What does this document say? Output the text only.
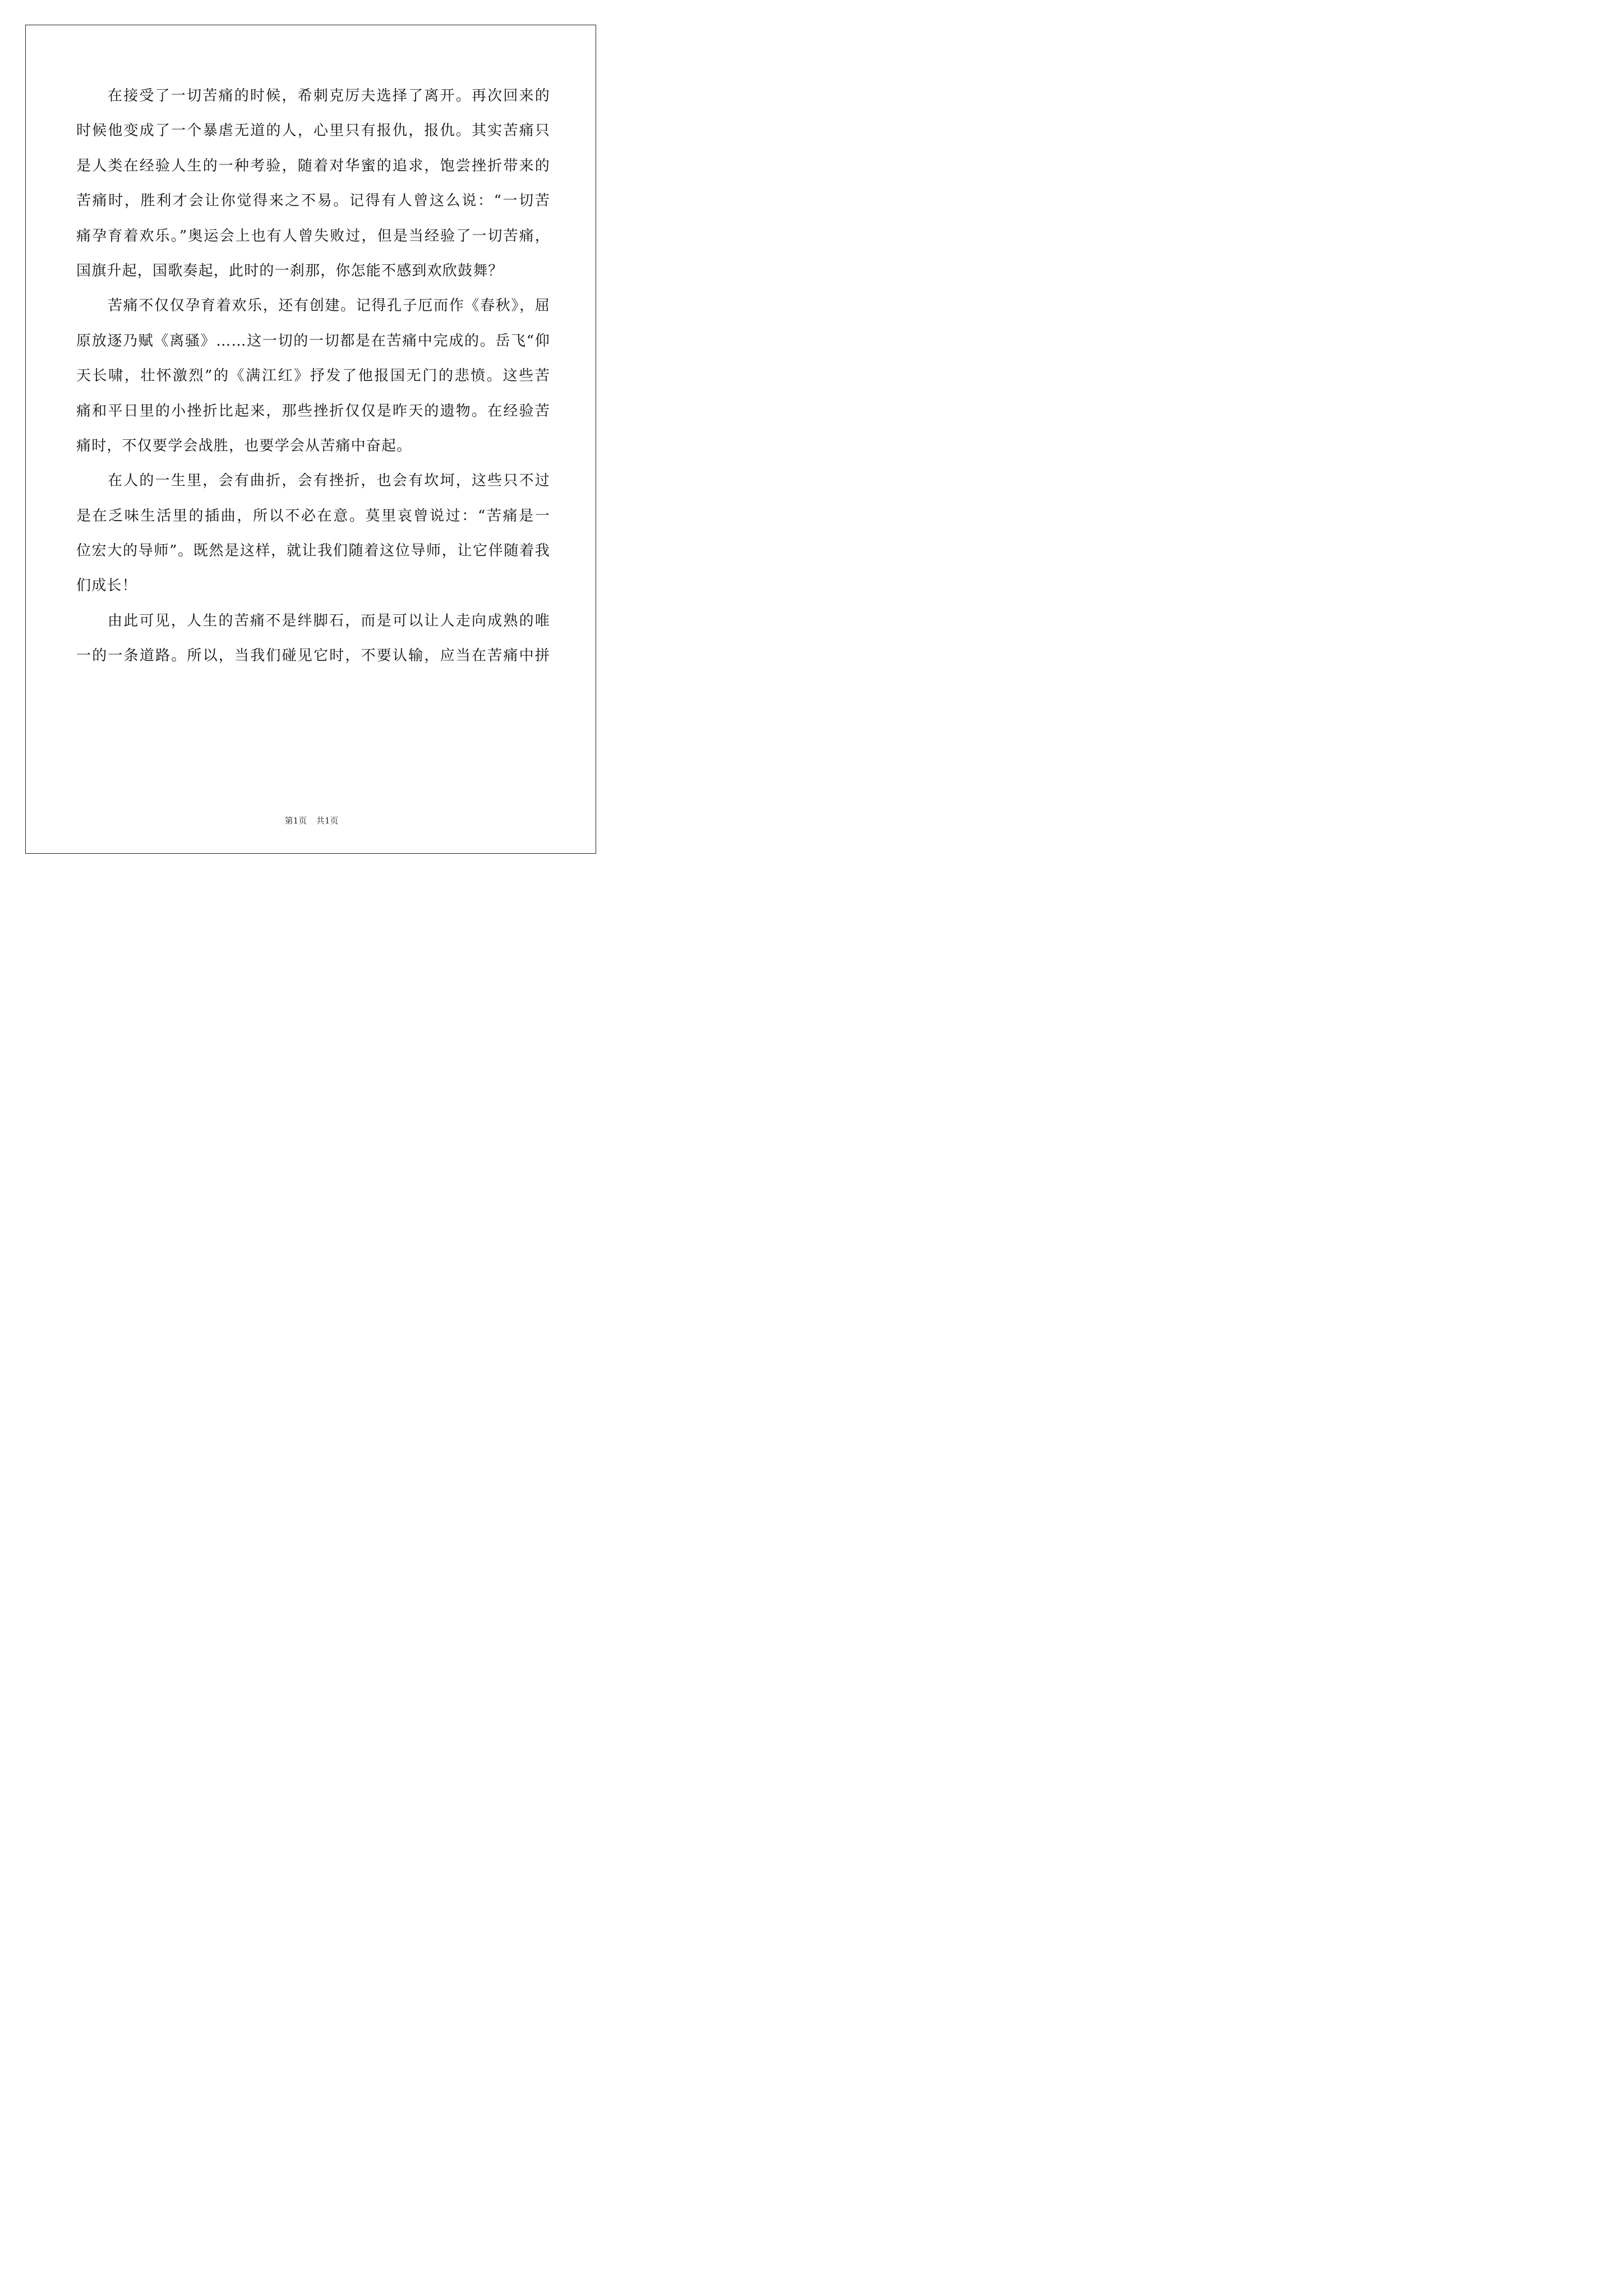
在接受了一切苦痛的时候，希刺克厉夫选择了离开。再次回来的
时候他变成了一个暴虐无道的人，心里只有报仇，报仇。其实苦痛只
是人类在经验人生的一种考验，随着对华蜜的追求，饱尝挫折带来的
苦痛时，胜利才会让你觉得来之不易。记得有人曾这么说：“一切苦
痛孕育着欢乐。”奥运会上也有人曾失败过，但是当经验了一切苦痛，
国旗升起，国歌奏起，此时的一刹那，你怎能不感到欢欣鼓舞？
苦痛不仅仅孕育着欢乐，还有创建。记得孔子厄而作《春秋》，屈
原放逐乃赋《离骚》……这一切的一切都是在苦痛中完成的。岳飞“仰
天长啸，壮怀激烈”的《满江红》抒发了他报国无门的悲愤。这些苦
痛和平日里的小挫折比起来，那些挫折仅仅是昨天的遗物。在经验苦
痛时，不仅要学会战胜，也要学会从苦痛中奋起。
在人的一生里，会有曲折，会有挫折，也会有坎坷，这些只不过
是在乏味生活里的插曲，所以不必在意。莫里哀曾说过：“苦痛是一
位宏大的导师”。既然是这样，就让我们随着这位导师，让它伴随着我
们成长！
由此可见，人生的苦痛不是绊脚石，而是可以让人走向成熟的唯
一的一条道路。所以，当我们碰见它时，不要认输，应当在苦痛中拼
第1页 共1页
